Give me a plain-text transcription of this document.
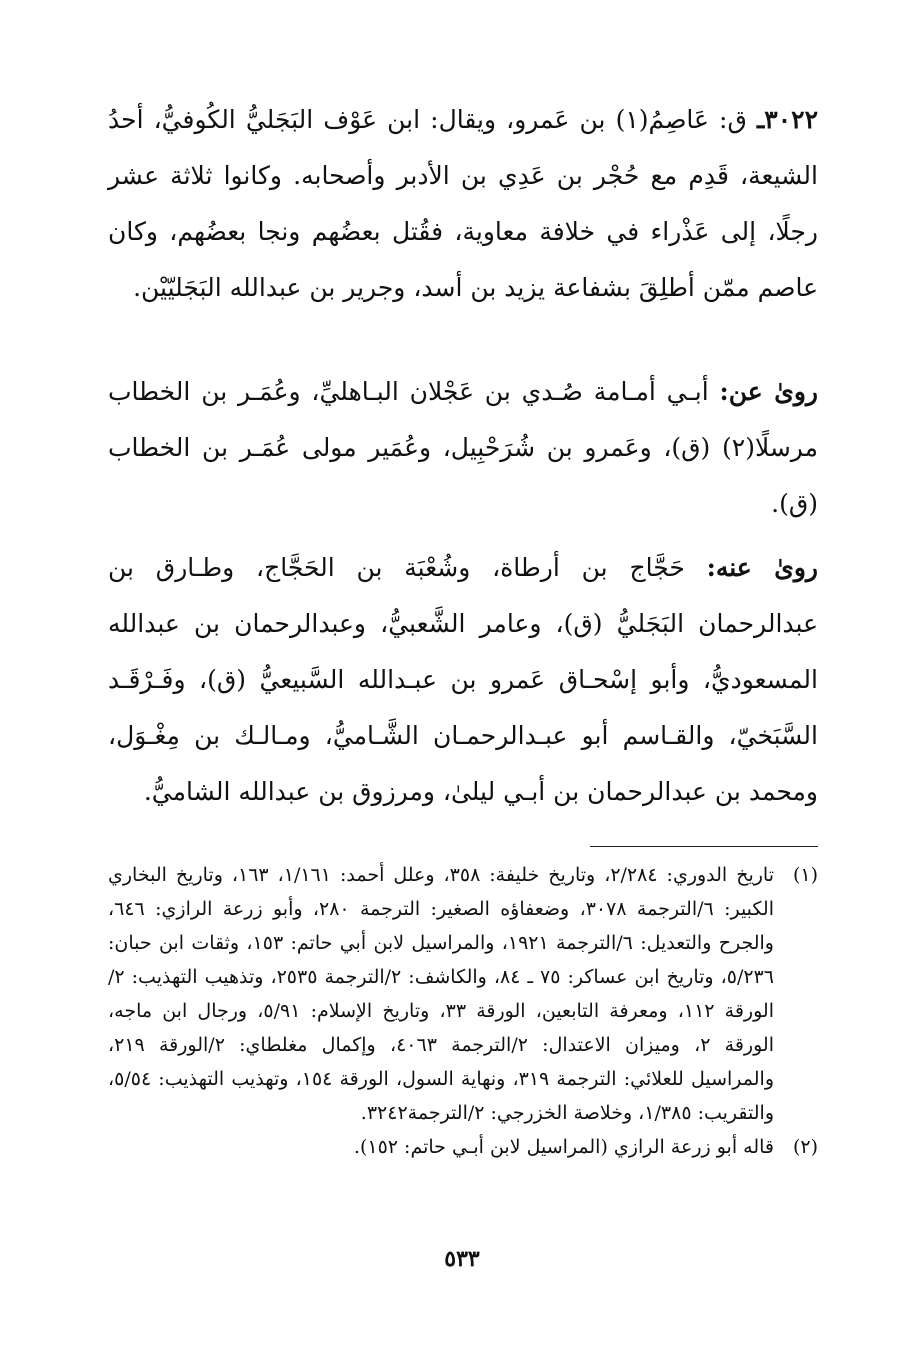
٣٠٢٢ـ ق: عَاصِمُ(١) بن عَمرو، ويقال: ابن عَوْف البَجَليُّ الكُوفيُّ، أحدُ الشيعة، قَدِم مع حُجْر بن عَدِي بن الأدبر وأصحابه. وكانوا ثلاثة عشر رجلًا، إلى عَذْراء في خلافة معاوية، فقُتل بعضُهم ونجا بعضُهم، وكان عاصم ممّن أطلِقَ بشفاعة يزيد بن أسد، وجرير بن عبدالله البَجَليّيْن.
روىٰ عن: أبـي أمـامة صُـدي بن عَجْلان البـاهليِّ، وعُمَـر بن الخطاب مرسلًا(٢) (ق)، وعَمرو بن شُرَحْبِيل، وعُمَير مولى عُمَـر بن الخطاب (ق).
روىٰ عنه: حَجَّاج بن أرطاة، وشُعْبَة بن الحَجَّاج، وطـارق بن عبدالرحمان البَجَليُّ (ق)، وعامر الشَّعبيُّ، وعبدالرحمان بن عبدالله المسعوديُّ، وأبو إسْحـاق عَمرو بن عبـدالله السَّبيعيُّ (ق)، وفَـرْقَـد السَّبَخيّ، والقـاسم أبو عبـدالرحمـان الشَّـاميُّ، ومـالـك بن مِغْـوَل، ومحمد بن عبدالرحمان بن أبـي ليلىٰ، ومرزوق بن عبدالله الشاميُّ.
(١)
تاريخ الدوري: ٢/٢٨٤، وتاريخ خليفة: ٣٥٨، وعلل أحمد: ١/١٦١، ١٦٣، وتاريخ البخاري الكبير: ٦/الترجمة ٣٠٧٨، وضعفاؤه الصغير: الترجمة ٢٨٠، وأبو زرعة الرازي: ٦٤٦، والجرح والتعديل: ٦/الترجمة ١٩٢١، والمراسيل لابن أبي حاتم: ١٥٣، وثقات ابن حبان: ٥/٢٣٦، وتاريخ ابن عساكر: ٧٥ ـ ٨٤، والكاشف: ٢/الترجمة ٢٥٣٥، وتذهيب التهذيب: ٢/الورقة ١١٢، ومعرفة التابعين، الورقة ٣٣، وتاريخ الإسلام: ٥/٩١، ورجال ابن ماجه، الورقة ٢، وميزان الاعتدال: ٢/الترجمة ٤٠٦٣، وإكمال مغلطاي: ٢/الورقة ٢١٩، والمراسيل للعلائي: الترجمة ٣١٩، ونهاية السول، الورقة ١٥٤، وتهذيب التهذيب: ٥/٥٤، والتقريب: ١/٣٨٥، وخلاصة الخزرجي: ٢/الترجمة٣٢٤٢.
(٢)
قاله أبو زرعة الرازي (المراسيل لابن أبـي حاتم: ١٥٢).
٥٣٣
